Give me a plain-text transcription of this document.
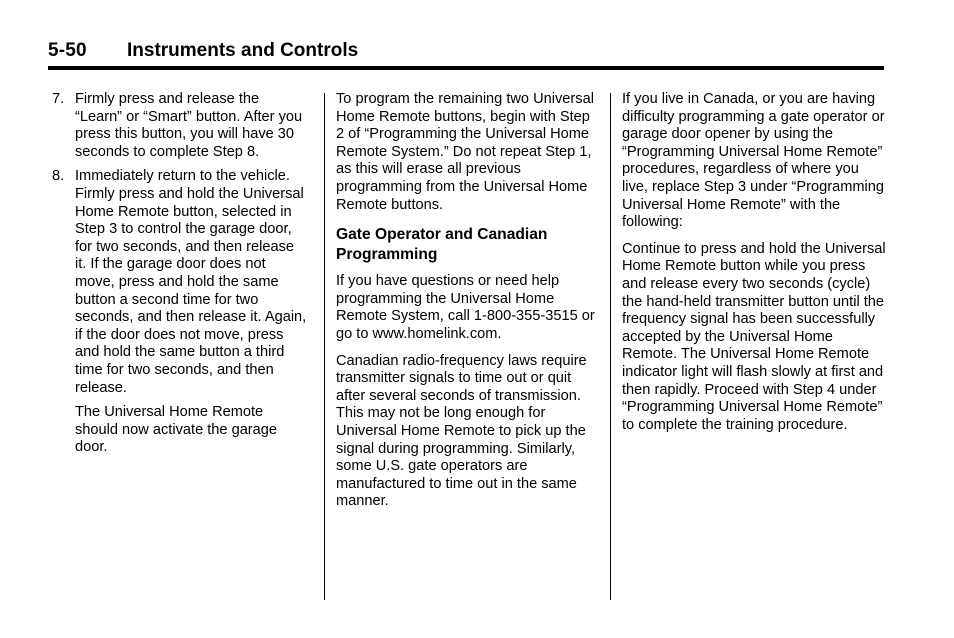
5-50 Instruments and Controls
7. Firmly press and release the “Learn” or “Smart” button. After you press this button, you will have 30 seconds to complete Step 8.
8. Immediately return to the vehicle. Firmly press and hold the Universal Home Remote button, selected in Step 3 to control the garage door, for two seconds, and then release it. If the garage door does not move, press and hold the same button a second time for two seconds, and then release it. Again, if the door does not move, press and hold the same button a third time for two seconds, and then release.

The Universal Home Remote should now activate the garage door.

To program the remaining two Universal Home Remote buttons, begin with Step 2 of “Programming the Universal Home Remote System.” Do not repeat Step 1, as this will erase all previous programming from the Universal Home Remote buttons.

Gate Operator and Canadian Programming

If you have questions or need help programming the Universal Home Remote System, call 1-800-355-3515 or go to www.homelink.com.

Canadian radio-frequency laws require transmitter signals to time out or quit after several seconds of transmission. This may not be long enough for Universal Home Remote to pick up the signal during programming. Similarly, some U.S. gate operators are manufactured to time out in the same manner.

If you live in Canada, or you are having difficulty programming a gate operator or garage door opener by using the “Programming Universal Home Remote” procedures, regardless of where you live, replace Step 3 under “Programming Universal Home Remote” with the following:

Continue to press and hold the Universal Home Remote button while you press and release every two seconds (cycle) the hand-held transmitter button until the frequency signal has been successfully accepted by the Universal Home Remote. The Universal Home Remote indicator light will flash slowly at first and then rapidly. Proceed with Step 4 under “Programming Universal Home Remote” to complete the training procedure.
